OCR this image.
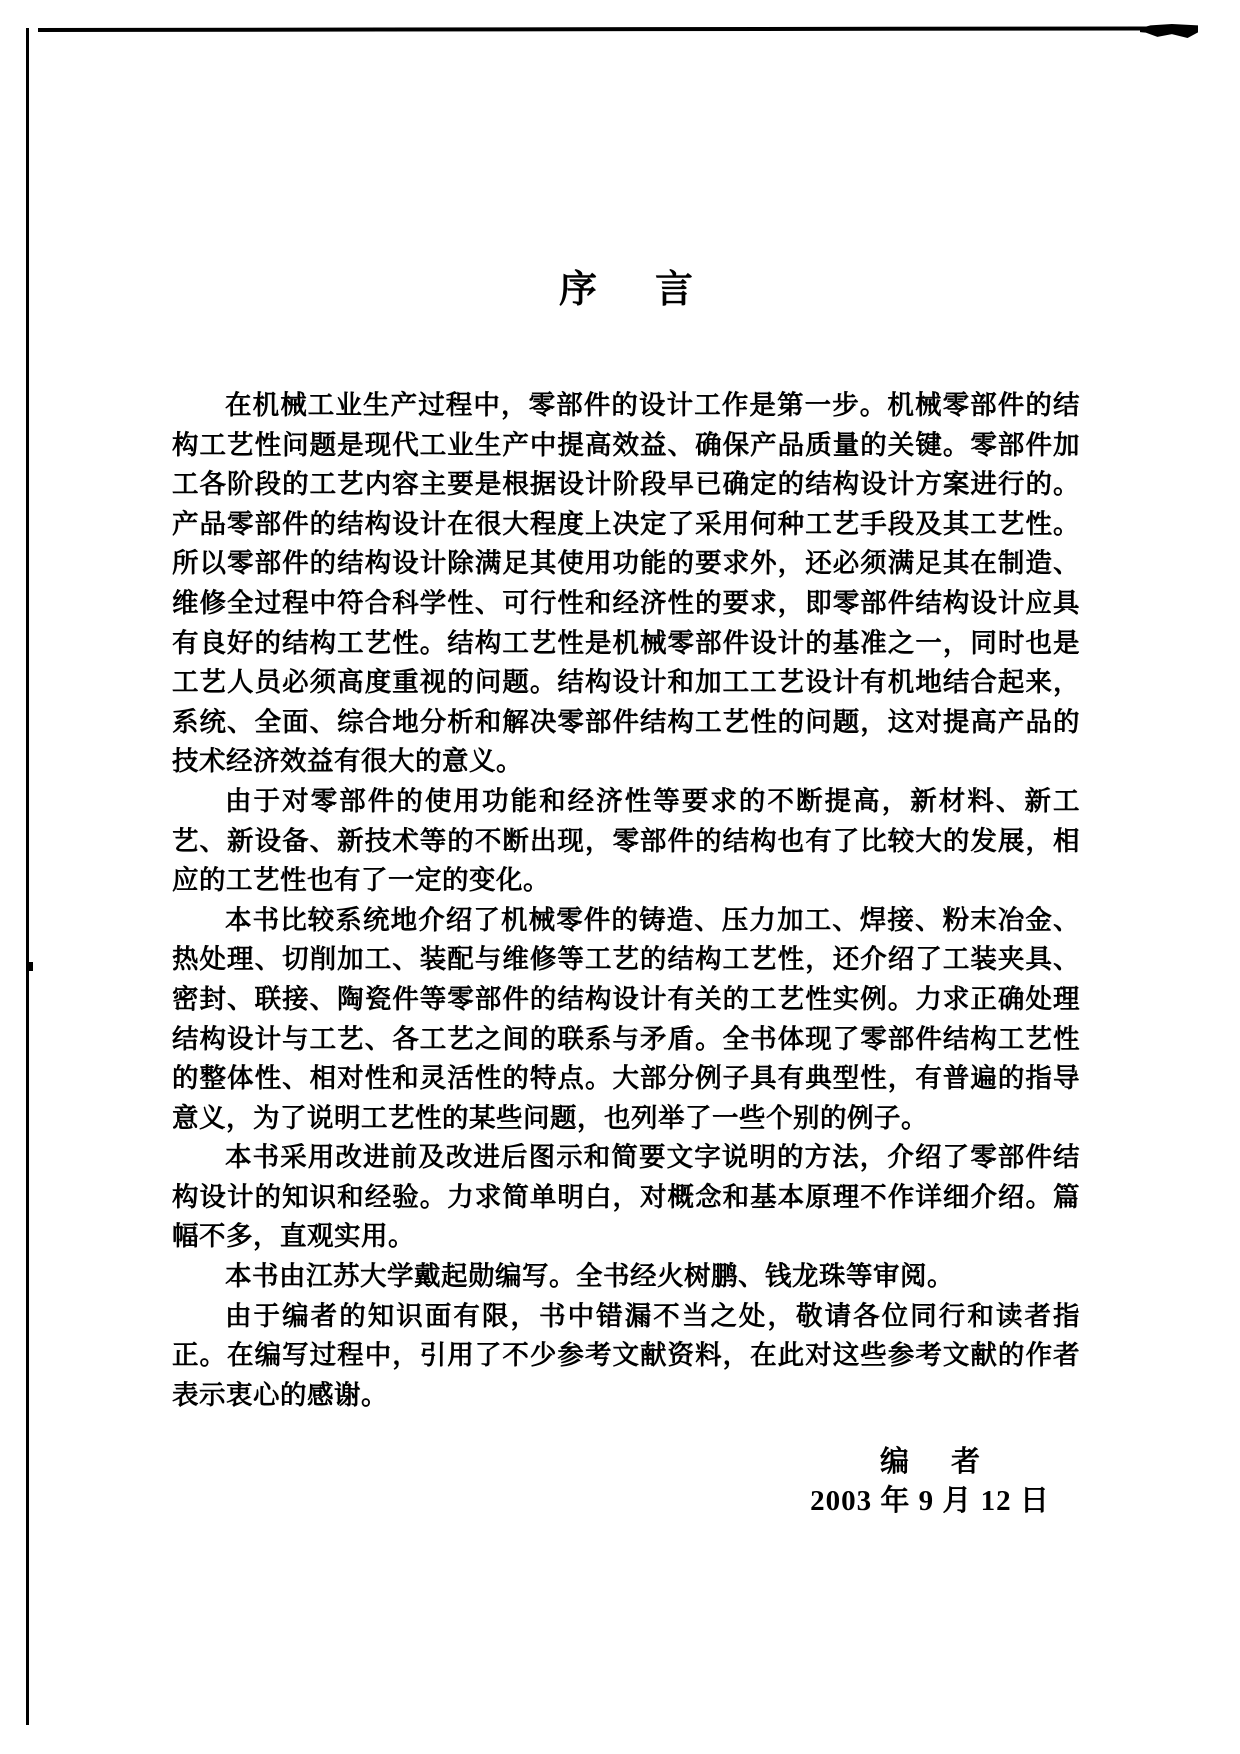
序 言

在机械工业生产过程中，零部件的设计工作是第一步。机械零部件的结构工艺性问题是现代工业生产中提高效益、确保产品质量的关键。零部件加工各阶段的工艺内容主要是根据设计阶段早已确定的结构设计方案进行的。产品零部件的结构设计在很大程度上决定了采用何种工艺手段及其工艺性。所以零部件的结构设计除满足其使用功能的要求外，还必须满足其在制造、维修全过程中符合科学性、可行性和经济性的要求，即零部件结构设计应具有良好的结构工艺性。结构工艺性是机械零部件设计的基准之一，同时也是工艺人员必须高度重视的问题。结构设计和加工工艺设计有机地结合起来，系统、全面、综合地分析和解决零部件结构工艺性的问题，这对提高产品的技术经济效益有很大的意义。

由于对零部件的使用功能和经济性等要求的不断提高，新材料、新工艺、新设备、新技术等的不断出现，零部件的结构也有了比较大的发展，相应的工艺性也有了一定的变化。

本书比较系统地介绍了机械零件的铸造、压力加工、焊接、粉末冶金、热处理、切削加工、装配与维修等工艺的结构工艺性，还介绍了工装夹具、密封、联接、陶瓷件等零部件的结构设计有关的工艺性实例。力求正确处理结构设计与工艺、各工艺之间的联系与矛盾。全书体现了零部件结构工艺性的整体性、相对性和灵活性的特点。大部分例子具有典型性，有普遍的指导意义，为了说明工艺性的某些问题，也列举了一些个别的例子。

本书采用改进前及改进后图示和简要文字说明的方法，介绍了零部件结构设计的知识和经验。力求简单明白，对概念和基本原理不作详细介绍。篇幅不多，直观实用。

本书由江苏大学戴起勋编写。全书经火树鹏、钱龙珠等审阅。

由于编者的知识面有限，书中错漏不当之处，敬请各位同行和读者指正。在编写过程中，引用了不少参考文献资料，在此对这些参考文献的作者表示衷心的感谢。

编 者
2003 年 9 月 12 日
